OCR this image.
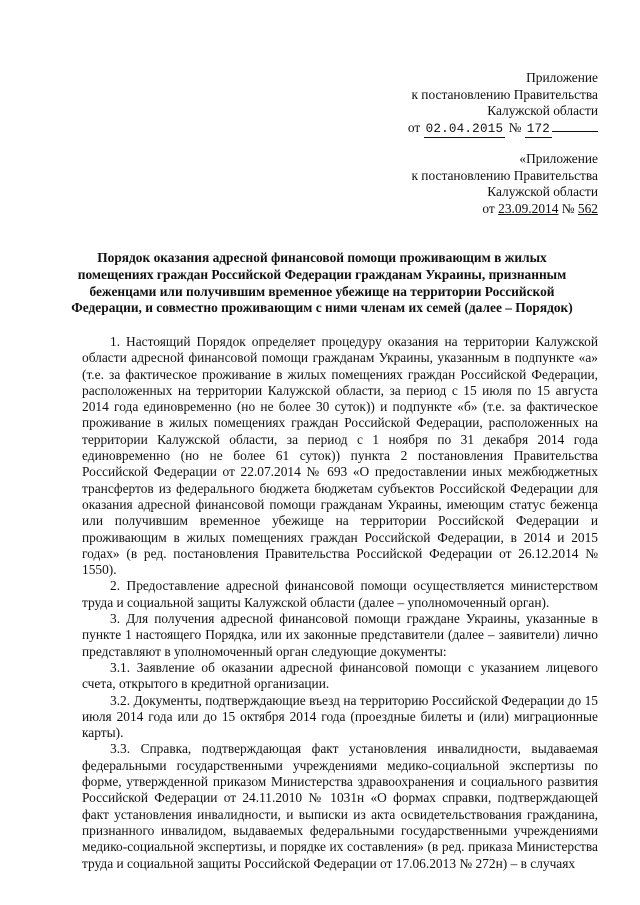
Приложение
к постановлению Правительства
Калужской области
от 02.04.2015 № 172
«Приложение
к постановлению Правительства
Калужской области
от 23.09.2014 № 562
Порядок оказания адресной финансовой помощи проживающим в жилых помещениях граждан Российской Федерации гражданам Украины, признанным беженцами или получившим временное убежище на территории Российской Федерации, и совместно проживающим с ними членам их семей (далее – Порядок)

1. Настоящий Порядок определяет процедуру оказания на территории Калужской области адресной финансовой помощи гражданам Украины, указанным в подпункте «а» (т.е. за фактическое проживание в жилых помещениях граждан Российской Федерации, расположенных на территории Калужской области, за период с 15 июля по 15 августа 2014 года единовременно (но не более 30 суток)) и подпункте «б» (т.е. за фактическое проживание в жилых помещениях граждан Российской Федерации, расположенных на территории Калужской области, за период с 1 ноября по 31 декабря 2014 года единовременно (но не более 61 суток)) пункта 2 постановления Правительства Российской Федерации от 22.07.2014 № 693 «О предоставлении иных межбюджетных трансфертов из федерального бюджета бюджетам субъектов Российской Федерации для оказания адресной финансовой помощи гражданам Украины, имеющим статус беженца или получившим временное убежище на территории Российской Федерации и проживающим в жилых помещениях граждан Российской Федерации, в 2014 и 2015 годах» (в ред. постановления Правительства Российской Федерации от 26.12.2014 № 1550).

2. Предоставление адресной финансовой помощи осуществляется министерством труда и социальной защиты Калужской области (далее – уполномоченный орган).

3. Для получения адресной финансовой помощи граждане Украины, указанные в пункте 1 настоящего Порядка, или их законные представители (далее – заявители) лично представляют в уполномоченный орган следующие документы:

3.1. Заявление об оказании адресной финансовой помощи с указанием лицевого счета, открытого в кредитной организации.

3.2. Документы, подтверждающие въезд на территорию Российской Федерации до 15 июля 2014 года или до 15 октября 2014 года (проездные билеты и (или) миграционные карты).

3.3. Справка, подтверждающая факт установления инвалидности, выдаваемая федеральными государственными учреждениями медико-социальной экспертизы по форме, утвержденной приказом Министерства здравоохранения и социального развития Российской Федерации от 24.11.2010 № 1031н «О формах справки, подтверждающей факт установления инвалидности, и выписки из акта освидетельствования гражданина, признанного инвалидом, выдаваемых федеральными государственными учреждениями медико-социальной экспертизы, и порядке их составления» (в ред. приказа Министерства труда и социальной защиты Российской Федерации от 17.06.2013 № 272н) – в случаях
